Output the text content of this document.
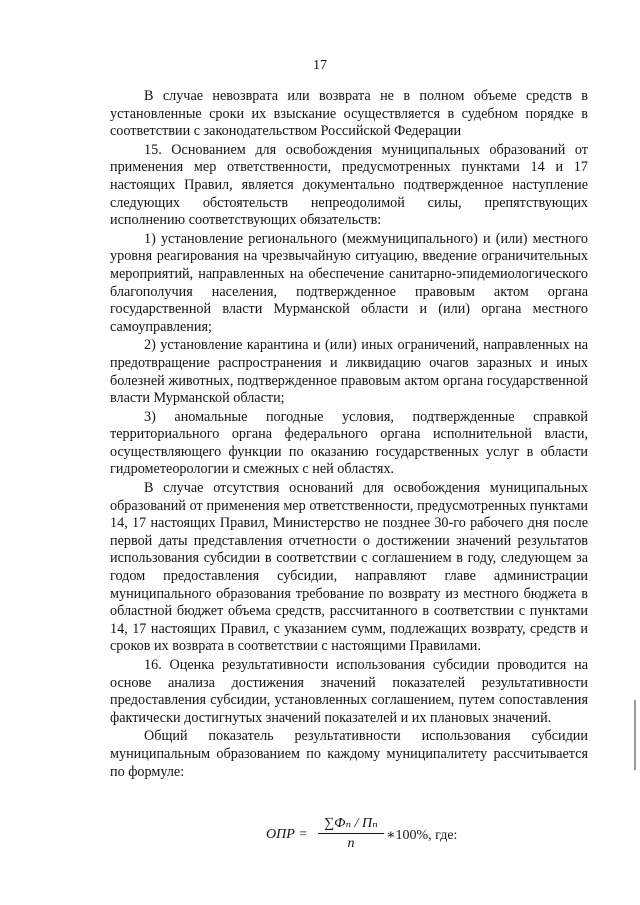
17

В случае невозврата или возврата не в полном объеме средств в установленные сроки их взыскание осуществляется в судебном порядке в соответствии с законодательством Российской Федерации

15. Основанием для освобождения муниципальных образований от применения мер ответственности, предусмотренных пунктами 14 и 17 настоящих Правил, является документально подтвержденное наступление следующих обстоятельств непреодолимой силы, препятствующих исполнению соответствующих обязательств:

1) установление регионального (межмуниципального) и (или) местного уровня реагирования на чрезвычайную ситуацию, введение ограничительных мероприятий, направленных на обеспечение санитарно-эпидемиологического благополучия населения, подтвержденное правовым актом органа государственной власти Мурманской области и (или) органа местного самоуправления;

2) установление карантина и (или) иных ограничений, направленных на предотвращение распространения и ликвидацию очагов заразных и иных болезней животных, подтвержденное правовым актом органа государственной власти Мурманской области;

3) аномальные погодные условия, подтвержденные справкой территориального органа федерального органа исполнительной власти, осуществляющего функции по оказанию государственных услуг в области гидрометеорологии и смежных с ней областях.

В случае отсутствия оснований для освобождения муниципальных образований от применения мер ответственности, предусмотренных пунктами 14, 17 настоящих Правил, Министерство не позднее 30-го рабочего дня после первой даты представления отчетности о достижении значений результатов использования субсидии в соответствии с соглашением в году, следующем за годом предоставления субсидии, направляют главе администрации муниципального образования требование по возврату из местного бюджета в областной бюджет объема средств, рассчитанного в соответствии с пунктами 14, 17 настоящих Правил, с указанием сумм, подлежащих возврату, средств и сроков их возврата в соответствии с настоящими Правилами.

16. Оценка результативности использования субсидии проводится на основе анализа достижения значений показателей результативности предоставления субсидии, установленных соглашением, путем сопоставления фактически достигнутых значений показателей и их плановых значений.

Общий показатель результативности использования субсидии муниципальным образованием по каждому муниципалитету рассчитывается по формуле:

ОПР =
∑Фₙ / Пₙ
n
∗100%, где:
